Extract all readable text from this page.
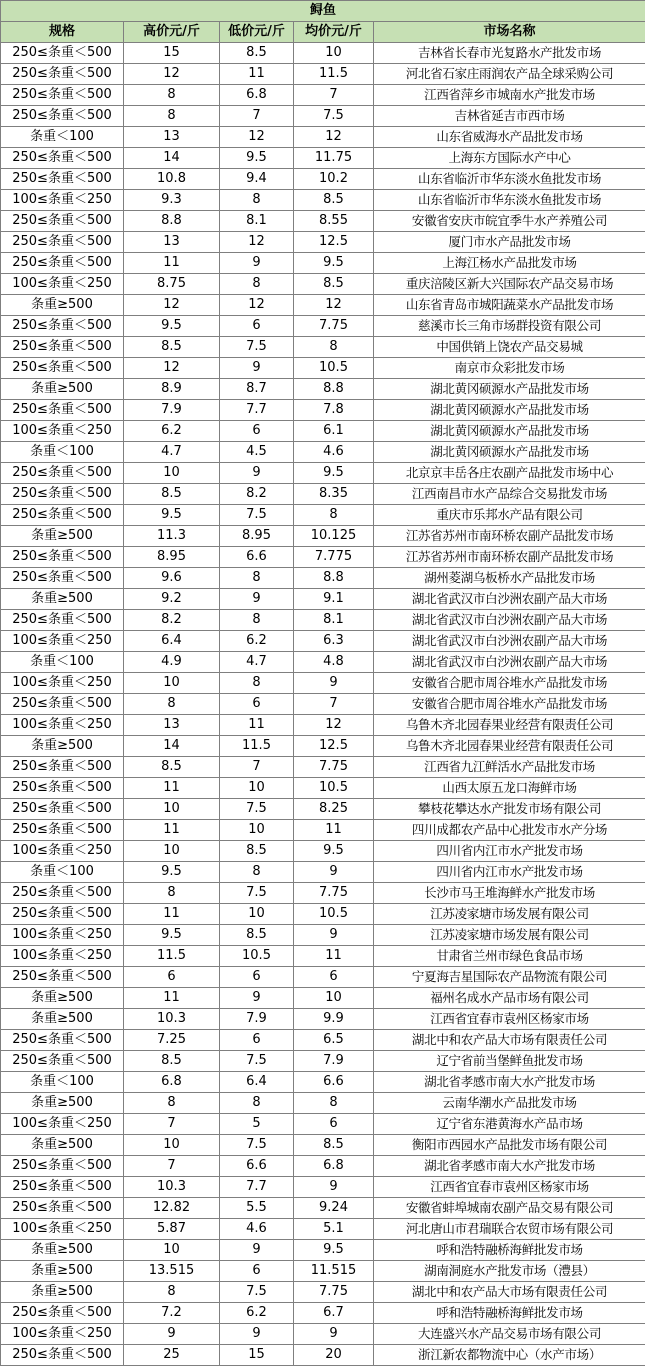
鲟鱼				
规格	高价元/斤	低价元/斤	均价元/斤	市场名称
250≤条重＜500	15	8.5	10	吉林省长春市光复路水产批发市场
250≤条重＜500	12	11	11.5	河北省石家庄雨润农产品全球采购公司
250≤条重＜500	8	6.8	7	江西省萍乡市城南水产批发市场
250≤条重＜500	8	7	7.5	吉林省延吉市西市场
条重＜100	13	12	12	山东省威海水产品批发市场
250≤条重＜500	14	9.5	11.75	上海东方国际水产中心
250≤条重＜500	10.8	9.4	10.2	山东省临沂市华东淡水鱼批发市场
100≤条重＜250	9.3	8	8.5	山东省临沂市华东淡水鱼批发市场
250≤条重＜500	8.8	8.1	8.55	安徽省安庆市皖宜季牛水产养殖公司
250≤条重＜500	13	12	12.5	厦门市水产品批发市场
250≤条重＜500	11	9	9.5	上海江杨水产品批发市场
100≤条重＜250	8.75	8	8.5	重庆涪陵区新大兴国际农产品交易市场
条重≥500	12	12	12	山东省青岛市城阳蔬菜水产品批发市场
250≤条重＜500	9.5	6	7.75	慈溪市长三角市场群投资有限公司
250≤条重＜500	8.5	7.5	8	中国供销上饶农产品交易城
250≤条重＜500	12	9	10.5	南京市众彩批发市场
条重≥500	8.9	8.7	8.8	湖北黄冈硕源水产品批发市场
250≤条重＜500	7.9	7.7	7.8	湖北黄冈硕源水产品批发市场
100≤条重＜250	6.2	6	6.1	湖北黄冈硕源水产品批发市场
条重＜100	4.7	4.5	4.6	湖北黄冈硕源水产品批发市场
250≤条重＜500	10	9	9.5	北京京丰岳各庄农副产品批发市场中心
250≤条重＜500	8.5	8.2	8.35	江西南昌市水产品综合交易批发市场
250≤条重＜500	9.5	7.5	8	重庆市乐邦水产品有限公司
条重≥500	11.3	8.95	10.125	江苏省苏州市南环桥农副产品批发市场
250≤条重＜500	8.95	6.6	7.775	江苏省苏州市南环桥农副产品批发市场
250≤条重＜500	9.6	8	8.8	湖州菱湖乌板桥水产品批发市场
条重≥500	9.2	9	9.1	湖北省武汉市白沙洲农副产品大市场
250≤条重＜500	8.2	8	8.1	湖北省武汉市白沙洲农副产品大市场
100≤条重＜250	6.4	6.2	6.3	湖北省武汉市白沙洲农副产品大市场
条重＜100	4.9	4.7	4.8	湖北省武汉市白沙洲农副产品大市场
100≤条重＜250	10	8	9	安徽省合肥市周谷堆水产品批发市场
250≤条重＜500	8	6	7	安徽省合肥市周谷堆水产品批发市场
100≤条重＜250	13	11	12	乌鲁木齐北园春果业经营有限责任公司
条重≥500	14	11.5	12.5	乌鲁木齐北园春果业经营有限责任公司
250≤条重＜500	8.5	7	7.75	江西省九江鲜活水产品批发市场
250≤条重＜500	11	10	10.5	山西太原五龙口海鲜市场
250≤条重＜500	10	7.5	8.25	攀枝花攀达水产批发市场有限公司
250≤条重＜500	11	10	11	四川成都农产品中心批发市水产分场
100≤条重＜250	10	8.5	9.5	四川省内江市水产批发市场
条重＜100	9.5	8	9	四川省内江市水产批发市场
250≤条重＜500	8	7.5	7.75	长沙市马王堆海鲜水产批发市场
250≤条重＜500	11	10	10.5	江苏凌家塘市场发展有限公司
100≤条重＜250	9.5	8.5	9	江苏凌家塘市场发展有限公司
100≤条重＜250	11.5	10.5	11	甘肃省兰州市绿色食品市场
250≤条重＜500	6	6	6	宁夏海吉星国际农产品物流有限公司
条重≥500	11	9	10	福州名成水产品市场有限公司
条重≥500	10.3	7.9	9.9	江西省宜春市袁州区杨家市场
250≤条重＜500	7.25	6	6.5	湖北中和农产品大市场有限责任公司
250≤条重＜500	8.5	7.5	7.9	辽宁省前当堡鲜鱼批发市场
条重＜100	6.8	6.4	6.6	湖北省孝感市南大水产批发市场
条重≥500	8	8	8	云南华潮水产品批发市场
100≤条重＜250	7	5	6	辽宁省东港黄海水产品市场
条重≥500	10	7.5	8.5	衡阳市西园水产品批发市场有限公司
250≤条重＜500	7	6.6	6.8	湖北省孝感市南大水产批发市场
250≤条重＜500	10.3	7.7	9	江西省宜春市袁州区杨家市场
250≤条重＜500	12.82	5.5	9.24	安徽省蚌埠城南农副产品交易有限公司
100≤条重＜250	5.87	4.6	5.1	河北唐山市君瑞联合农贸市场有限公司
条重≥500	10	9	9.5	呼和浩特融桥海鲜批发市场
条重≥500	13.515	6	11.515	湖南洞庭水产批发市场（澧县）
条重≥500	8	7.5	7.75	湖北中和农产品大市场有限责任公司
250≤条重＜500	7.2	6.2	6.7	呼和浩特融桥海鲜批发市场
100≤条重＜250	9	9	9	大连盛兴水产品交易市场有限公司
250≤条重＜500	25	15	20	浙江新农都物流中心（水产市场）
